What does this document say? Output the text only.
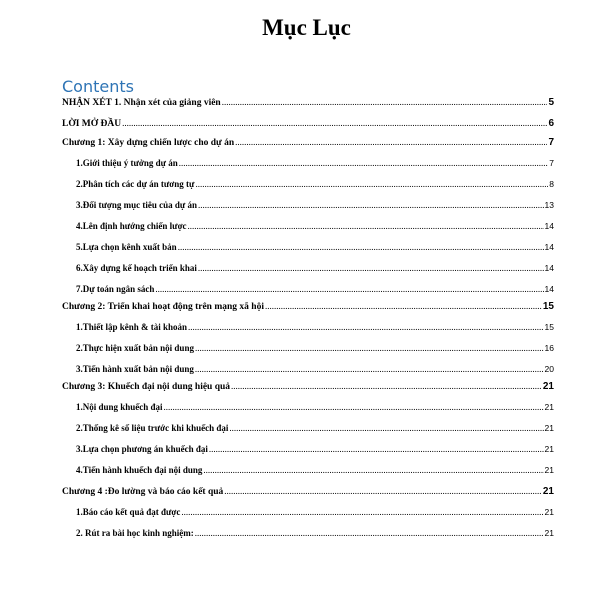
Mục Lục
Contents
NHẬN XÉT 1. Nhận xét của giảng viên .....	5
LỜI MỞ ĐẦU .....	6
Chương 1: Xây dựng chiến lược cho dự án .....	7
1.Giới thiệu ý tưởng dự án .....	7
2.Phân tích các dự án tương tự .....	8
3.Đối tượng mục tiêu của dự án .....	13
4.Lên định hướng chiến lược .....	14
5.Lựa chọn kênh xuất bản .....	14
6.Xây dựng kế hoạch triển khai .....	14
7.Dự toán ngân sách .....	14
Chương 2: Triển khai hoạt động trên mạng xã hội .....	15
1.Thiết lập kênh & tài khoản .....	15
2.Thực hiện xuất bản nội dung .....	16
3.Tiến hành xuất bản nội dung .....	20
Chương 3: Khuếch đại nội dung hiệu quả .....	21
1.Nội dung khuếch đại .....	21
2.Thống kê số liệu trước khi khuếch đại .....	21
3.Lựa chọn phương án khuếch đại .....	21
4.Tiến hành khuếch đại nội dung .....	21
Chương 4 :Đo lường và báo cáo kết quả .....	21
1.Báo cáo kết quả đạt được .....	21
2. Rút ra bài học kinh nghiệm: .....	21
